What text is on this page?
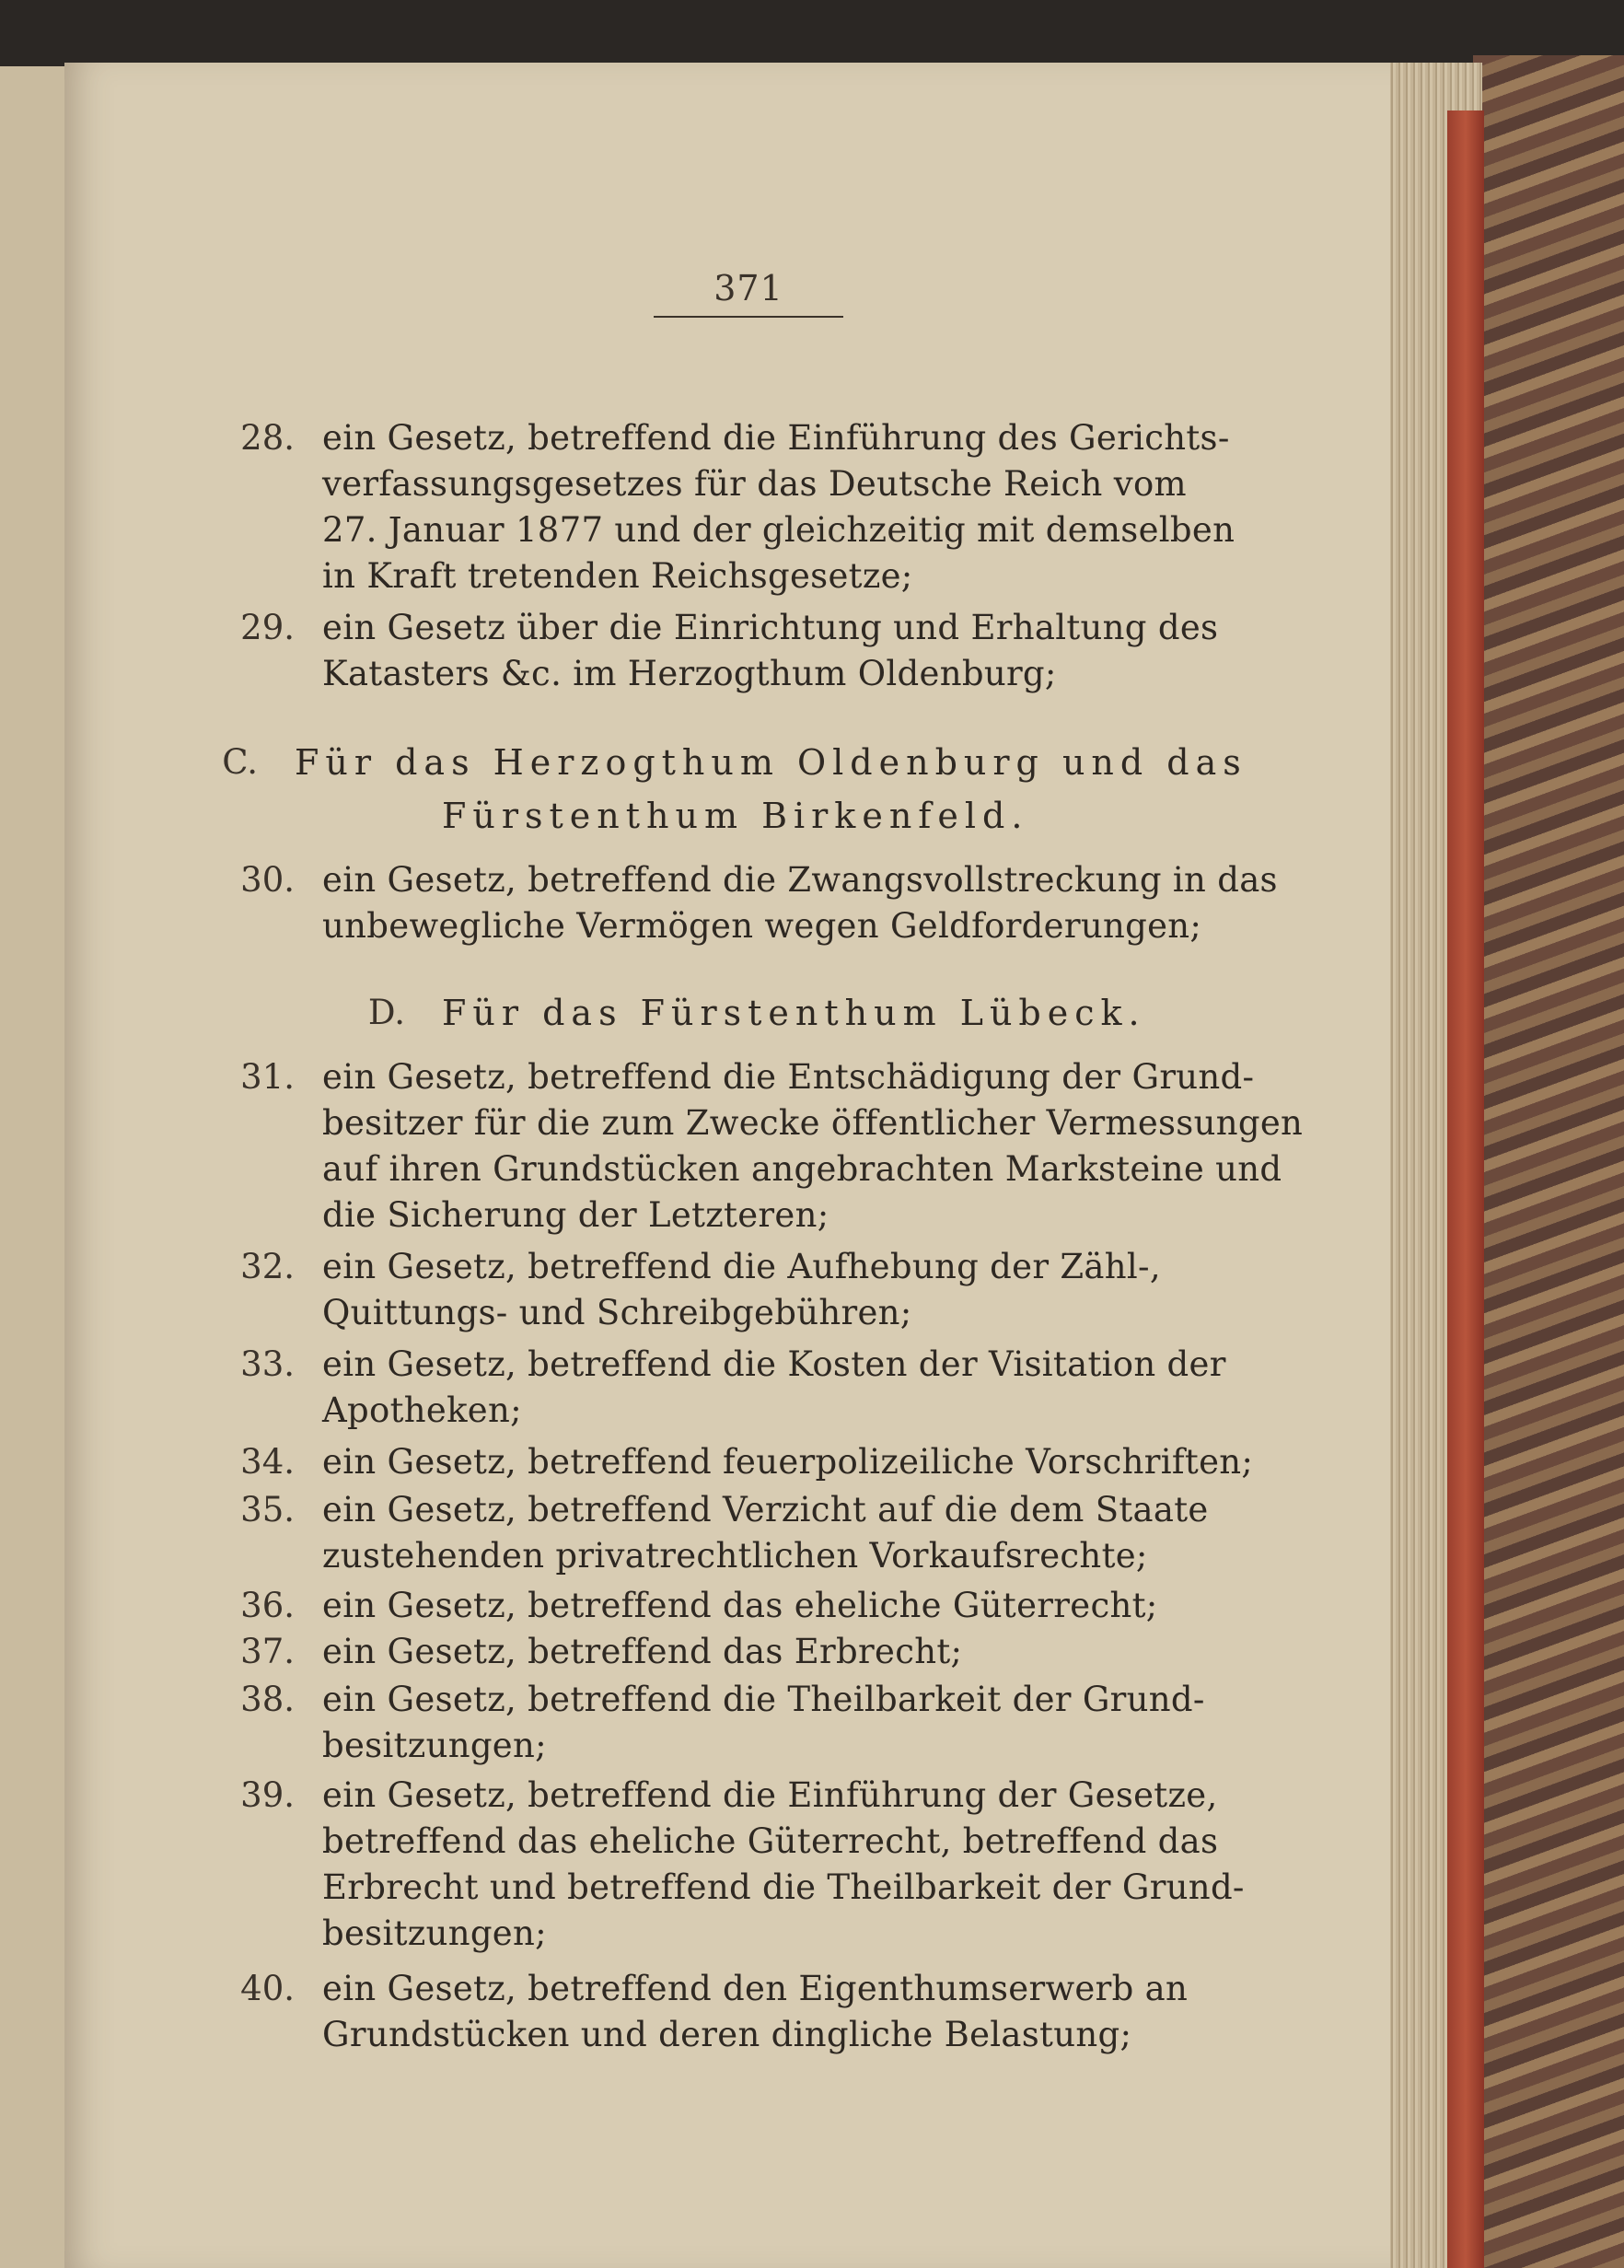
371
28. ein Gesetz, betreffend die Einführung des Gerichts-
verfassungsgesetzes für das Deutsche Reich vom
27. Januar 1877 und der gleichzeitig mit demselben
in Kraft tretenden Reichsgesetze;
29. ein Gesetz über die Einrichtung und Erhaltung des
Katasters &c. im Herzogthum Oldenburg;
C. Für das Herzogthum Oldenburg und das
Fürstenthum Birkenfeld.
30. ein Gesetz, betreffend die Zwangsvollstreckung in das
unbewegliche Vermögen wegen Geldforderungen;
D. Für das Fürstenthum Lübeck.
31. ein Gesetz, betreffend die Entschädigung der Grund-
besitzer für die zum Zwecke öffentlicher Vermessungen
auf ihren Grundstücken angebrachten Marksteine und
die Sicherung der Letzteren;
32. ein Gesetz, betreffend die Aufhebung der Zähl-,
Quittungs- und Schreibgebühren;
33. ein Gesetz, betreffend die Kosten der Visitation der
Apotheken;
34. ein Gesetz, betreffend feuerpolizeiliche Vorschriften;
35. ein Gesetz, betreffend Verzicht auf die dem Staate
zustehenden privatrechtlichen Vorkaufsrechte;
36. ein Gesetz, betreffend das eheliche Güterrecht;
37. ein Gesetz, betreffend das Erbrecht;
38. ein Gesetz, betreffend die Theilbarkeit der Grund-
besitzungen;
39. ein Gesetz, betreffend die Einführung der Gesetze,
betreffend das eheliche Güterrecht, betreffend das
Erbrecht und betreffend die Theilbarkeit der Grund-
besitzungen;
40. ein Gesetz, betreffend den Eigenthumserwerb an
Grundstücken und deren dingliche Belastung;
